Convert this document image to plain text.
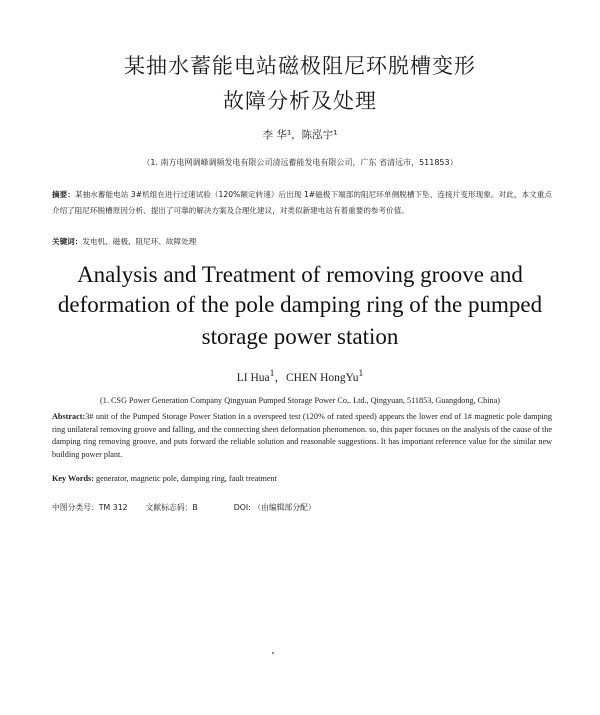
某抽水蓄能电站磁极阻尼环脱槽变形
故障分析及处理
李 华¹，陈泓宇¹
（1. 南方电网调峰调频发电有限公司清远蓄能发电有限公司，广东 省清远市，511853）
摘要：某抽水蓄能电站 3#机组在进行过速试验（120%额定转速）后出现 1#磁极下端部的阻尼环单侧脱槽下坠、连接片变形现象。对此，本文重点介绍了阻尼环脱槽原因分析、提出了可靠的解决方案及合理化建议，对类似新建电站有着重要的参考价值。
关键词：发电机、磁极、阻尼环、故障处理
Analysis and Treatment of removing groove and
deformation of the pole damping ring of the pumped
storage power station
LI Hua$^1$，CHEN HongYu$^1$
(1. CSG Power Generation Company Qingyuan Pumped Storage Power Co,. Ltd., Qingyuan, 511853, Guangdong, China)
Abstract:3# unit of the Pumped Storage Power Station in a overspeed test (120% of rated speed) appears the lower end of 1# magnetic pole damping ring unilateral removing groove and falling, and the connecting sheet deformation phenomenon. so, this paper focuses on the analysis of the cause of the damping ring removing groove, and puts forward the reliable solution and reasonable suggestions. It has important reference value for the similar new building power plant.
Key Words: generator, magnetic pole, damping ring, fault treatment
中图分类号：TM 312 文献标志码：B	DOI: （由编辑部分配）
